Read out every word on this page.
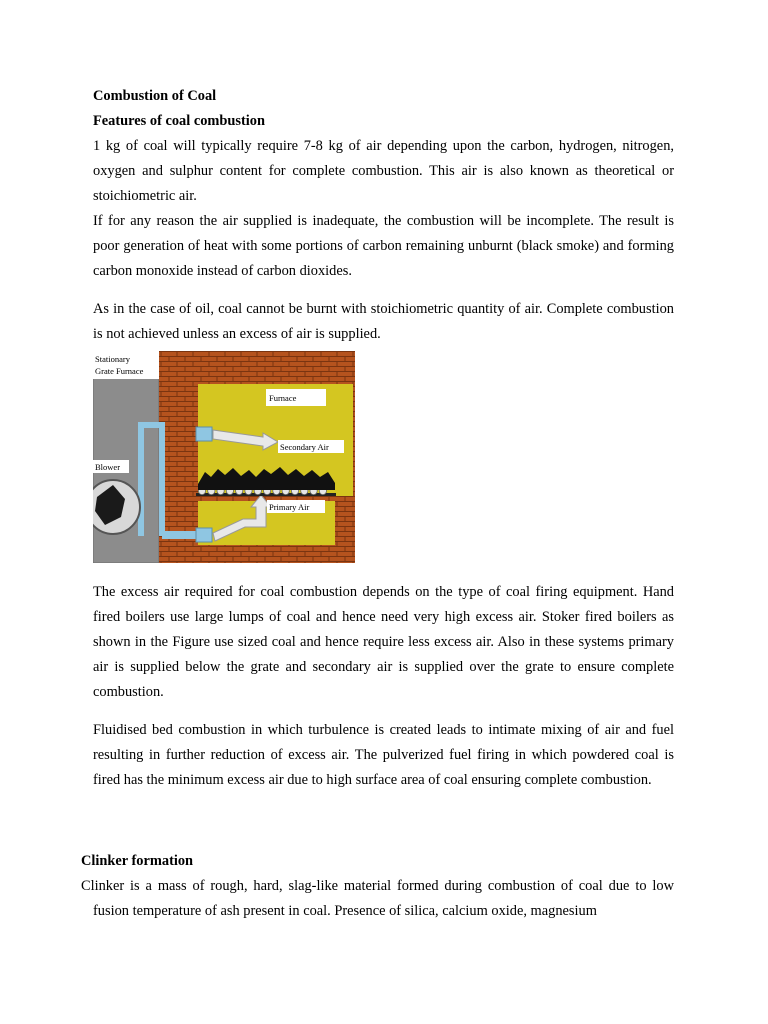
Combustion of Coal

Features of coal combustion

1 kg of coal will typically require 7-8 kg of air depending upon the carbon, hydrogen, nitrogen, oxygen and sulphur content for complete combustion. This air is also known as theoretical or stoichiometric air.

If for any reason the air supplied is inadequate, the combustion will be incomplete. The result is poor generation of heat with some portions of carbon remaining unburnt (black smoke) and forming carbon monoxide instead of carbon dioxides.

As in the case of oil, coal cannot be burnt with stoichiometric quantity of air. Complete combustion is not achieved unless an excess of air is supplied.

Stationary
Grate Furnace
Furnace
Secondary Air
Blower
Primary Air

The excess air required for coal combustion depends on the type of coal firing equipment. Hand fired boilers use large lumps of coal and hence need very high excess air. Stoker fired boilers as shown in the Figure use sized coal and hence require less excess air. Also in these systems primary air is supplied below the grate and secondary air is supplied over the grate to ensure complete combustion.

Fluidised bed combustion in which turbulence is created leads to intimate mixing of air and fuel resulting in further reduction of excess air. The pulverized fuel firing in which powdered coal is fired has the minimum excess air due to high surface area of coal ensuring complete combustion.

Clinker formation

Clinker is a mass of rough, hard, slag-like material formed during combustion of coal due to low fusion temperature of ash present in coal. Presence of silica, calcium oxide, magnesium
